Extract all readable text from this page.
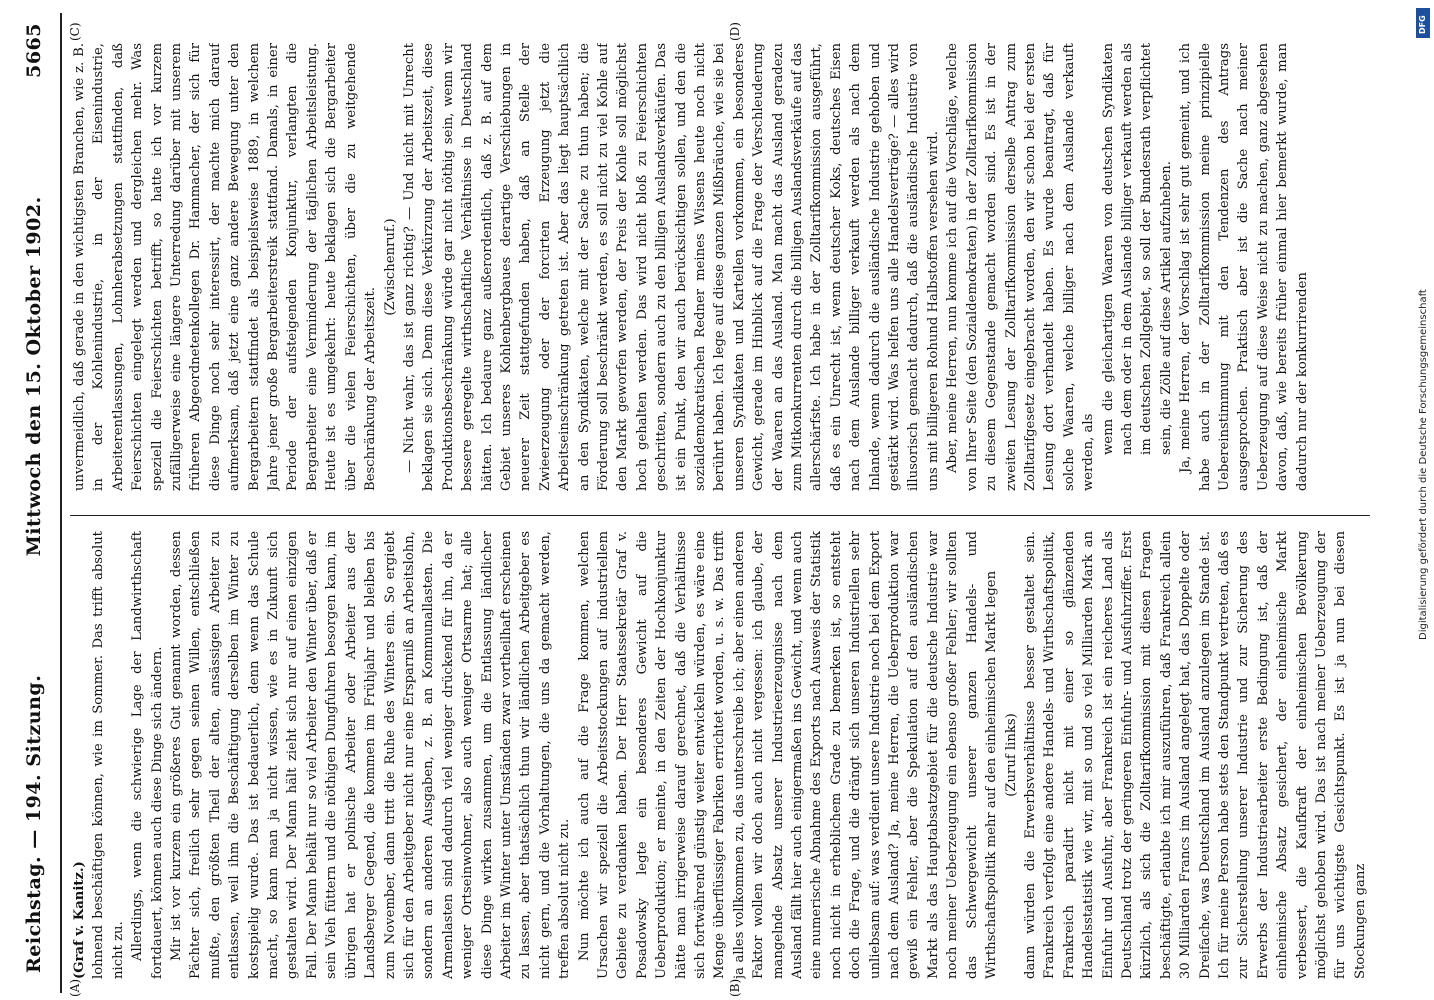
Reichstag. — 194. Sitzung.
Mittwoch den 15. Oktober 1902.
5665
(A)	(B)
(C)	(D)

(Graf v. Kanitz.) lohnend beschäftigen können, wie im Sommer. Das trifft absolut nicht zu. Allerdings, wenn die schwierige Lage der Landwirthschaft fortdauert, können auch diese Dinge sich ändern. Mir ist vor kurzem ein größeres Gut genannt worden, dessen Pächter sich, freilich sehr gegen seinen Willen, entschließen mußte, den größten Theil der alten, ansässigen Arbeiter zu entlassen, weil ihm die Beschäftigung derselben im Winter zu kostspielig wurde. Das ist bedauerlich, denn wenn das Schule macht, so kann man ja nicht wissen, wie es in Zukunft sich gestalten wird. Der Mann hält zieht sich nur auf einen einzigen Fall. Der Mann behält nur so viel Arbeiter den Winter über, daß er sein Vieh füttern und die nöthigen Dungfuhren besorgen kann, im übrigen hat er polnische Arbeiter oder Arbeiter aus der Landsberger Gegend, die kommen im Frühjahr und bleiben bis zum November, dann tritt die Ruhe des Winters ein. So ergiebt sich für den Arbeitgeber nicht nur eine Ersparniß an Arbeitslohn, sondern an anderen Ausgaben, z. B. an Kommunallasten. Die Armenlasten sind dadurch viel weniger drückend für ihn, da er weniger Ortseinwohner, also auch weniger Ortsarme hat; alle diese Dinge wirken zusammen, um die Entlassung ländlicher Arbeiter im Winter unter Umständen zwar vortheilhaft erscheinen zu lassen, aber thatsächlich thun wir ländlichen Arbeitgeber es nicht gern, und die Vorhaltungen, die uns da gemacht werden, treffen absolut nicht zu. Nun möchte ich auch auf die Frage kommen, welchen Ursachen wir speziell die Arbeitsstockungen auf industriellem Gebiete zu verdanken haben. Der Herr Staatssekretär Graf v. Posadowsky legte ein besonderes Gewicht auf die Ueberproduktion; er meinte, in den Zeiten der Hochkonjunktur hätte man irrigerweise darauf gerechnet, daß die Verhältnisse sich fortwährend günstig weiter entwickeln würden, es wäre eine Menge überflüssiger Fabriken errichtet worden, u. s. w. Das trifft ja alles vollkommen zu, das unterschreibe ich; aber einen anderen Faktor wollen wir doch auch nicht vergessen: ich glaube, der mangelnde Absatz unserer Industrieerzeugnisse nach dem Ausland fällt hier auch einigermaßen ins Gewicht, und wenn auch eine numerische Abnahme des Exports nach Ausweis der Statistik noch nicht in erheblichem Grade zu bemerken ist, so entsteht doch die Frage, und die drängt sich unseren Industriellen sehr unliebsam auf: was verdient unsere Industrie noch bei dem Export nach dem Ausland? Ja, meine Herren, die Ueberproduktion war gewiß ein Fehler, aber die Spekulation auf den ausländischen Markt als das Hauptabsatzgebiet für die deutsche Industrie war noch meiner Ueberzeugung ein ebenso großer Fehler; wir sollten das Schwergewicht unserer ganzen Handels- und Wirthschaftspolitik mehr auf den einheimischen Markt legen (Zuruf links) dann würden die Erwerbsverhältnisse besser gestaltet sein. Frankreich verfolgt eine andere Handels- und Wirthschaftspolitik, Frankreich paradirt nicht mit einer so glänzenden Handelsstatistik wie wir, mit so und so viel Milliarden Mark an Einfuhr und Ausfuhr, aber Frankreich ist ein reicheres Land als Deutschland trotz der geringeren Einfuhr- und Ausfuhrziffer. Erst kürzlich, als sich die Zolltarifkommission mit diesen Fragen beschäftigte, erlaubte ich mir auszuführen, daß Frankreich allein 30 Milliarden Francs im Ausland angelegt hat, das Doppelte oder Dreifache, was Deutschland im Ausland anzulegen im Stande ist. Ich für meine Person habe stets den Standpunkt vertreten, daß es zur Sicherstellung unserer Industrie und zur Sicherung des Erwerbs der Industriearbeiter erste Bedingung ist, daß der einheimische Absatz gesichert, der einheimische Markt verbessert, die Kaufkraft der einheimischen Bevölkerung möglichst gehoben wird. Das ist nach meiner Ueberzeugung der für uns wichtigste Gesichtspunkt. Es ist ja nun bei diesen Stockungen ganz

unvermeidlich, daß gerade in den wichtigsten Branchen, wie z. B. in der Kohlenindustrie, in der Eisenindustrie, Arbeiterentlassungen, Lohnherabsetzungen stattfinden, daß Feierschichten eingelegt werden und dergleichen mehr. Was speziell die Feierschichten betrifft, so hatte ich vor kurzem zufälligerweise eine längere Unterredung darüber mit unserem früheren Abgeordnetenkollegen Dr. Hammacher, der sich für diese Dinge noch sehr interessirt, der machte mich darauf aufmerksam, daß jetzt eine ganz andere Bewegung unter den Bergarbeitern stattfindet als beispielsweise 1889, in welchem Jahre jener große Bergarbeiterstreik stattfand. Damals, in einer Periode der aufsteigenden Konjunktur, verlangten die Bergarbeiter eine Verminderung der täglichen Arbeitsleistung. Heute ist es umgekehrt: heute beklagen sich die Bergarbeiter über die vielen Feierschichten, über die zu weitgehende Beschränkung der Arbeitszeit.

(Zwischenruf.) — Nicht wahr, das ist ganz richtig? — Und nicht mit Unrecht beklagen sie sich. Denn diese Verkürzung der Arbeitszeit, diese Produktionsbeschränkung würde gar nicht nöthig sein, wenn wir bessere geregelte wirthschaftliche Verhältnisse in Deutschland hätten. Ich bedaure ganz außerordentlich, daß z. B. auf dem Gebiet unseres Kohlenbergbaues derartige Verschiebungen in neuerer Zeit stattgefunden haben, daß an Stelle der Zwieerzeugung oder der forcirten Erzeugung jetzt die Arbeitseinschränkung getreten ist. Aber das liegt hauptsächlich an den Syndikaten, welche mit der Sache zu thun haben; die Förderung soll beschränkt werden, es soll nicht zu viel Kohle auf den Markt geworfen werden, der Preis der Kohle soll möglichst hoch gehalten werden. Das wird nicht bloß zu Feierschichten geschritten, sondern auch zu den billigen Auslandsverkäufen. Das ist ein Punkt, den wir auch berücksichtigen sollen, und den die sozialdemokratischen Redner meines Wissens heute noch nicht berührt haben. Ich lege auf diese ganzen Mißbräuche, wie sie bei unseren Syndikaten und Kartellen vorkommen, ein besonderes Gewicht, gerade im Hinblick auf die Frage der Verschleuderung der Waaren an das Ausland. Man macht das Ausland geradezu zum Mitkonkurrenten durch die billigen Auslandsverkäufe auf das allerschärfste. Ich habe in der Zolltarifkommission ausgeführt, daß es ein Unrecht ist, wenn deutscher Koks, deutsches Eisen nach dem Auslande billiger verkauft werden als nach dem Inlande, wenn dadurch die ausländische Industrie gehoben und gestärkt wird. Was helfen uns alle Handelsverträge? — alles wird illusorisch gemacht dadurch, daß die ausländische Industrie von uns mit billigeren Rohund Halbstoffen versehen wird. Aber, meine Herren, nun komme ich auf die Vorschläge, welche von Ihrer Seite (den Sozialdemokraten) in der Zolltarifkommission zu diesem Gegenstande gemacht worden sind. Es ist in der zweiten Lesung der Zolltarifkommission derselbe Antrag zum Zolltarifgesetz eingebracht worden, den wir schon bei der ersten Lesung dort verhandelt haben. Es wurde beantragt, daß für solche Waaren, welche billiger nach dem Auslande verkauft werden, als wenn die gleichartigen Waaren von deutschen Syndikaten nach dem oder in dem Auslande billiger verkauft werden als im deutschen Zollgebiet, so soll der Bundesrath verpflichtet sein, die Zölle auf diese Artikel aufzuheben. Ja, meine Herren, der Vorschlag ist sehr gut gemeint, und ich habe auch in der Zolltarifkommission meine prinzipielle Uebereinstimmung mit den Tendenzen des Antrags ausgesprochen. Praktisch aber ist die Sache nach meiner Ueberzeugung auf diese Weise nicht zu machen, ganz abgesehen davon, daß, wie bereits früher einmal hier bemerkt wurde, man dadurch nur der konkurrirenden

DFG
Digitalisierung gefördert durch die Deutsche Forschungsgemeinschaft
